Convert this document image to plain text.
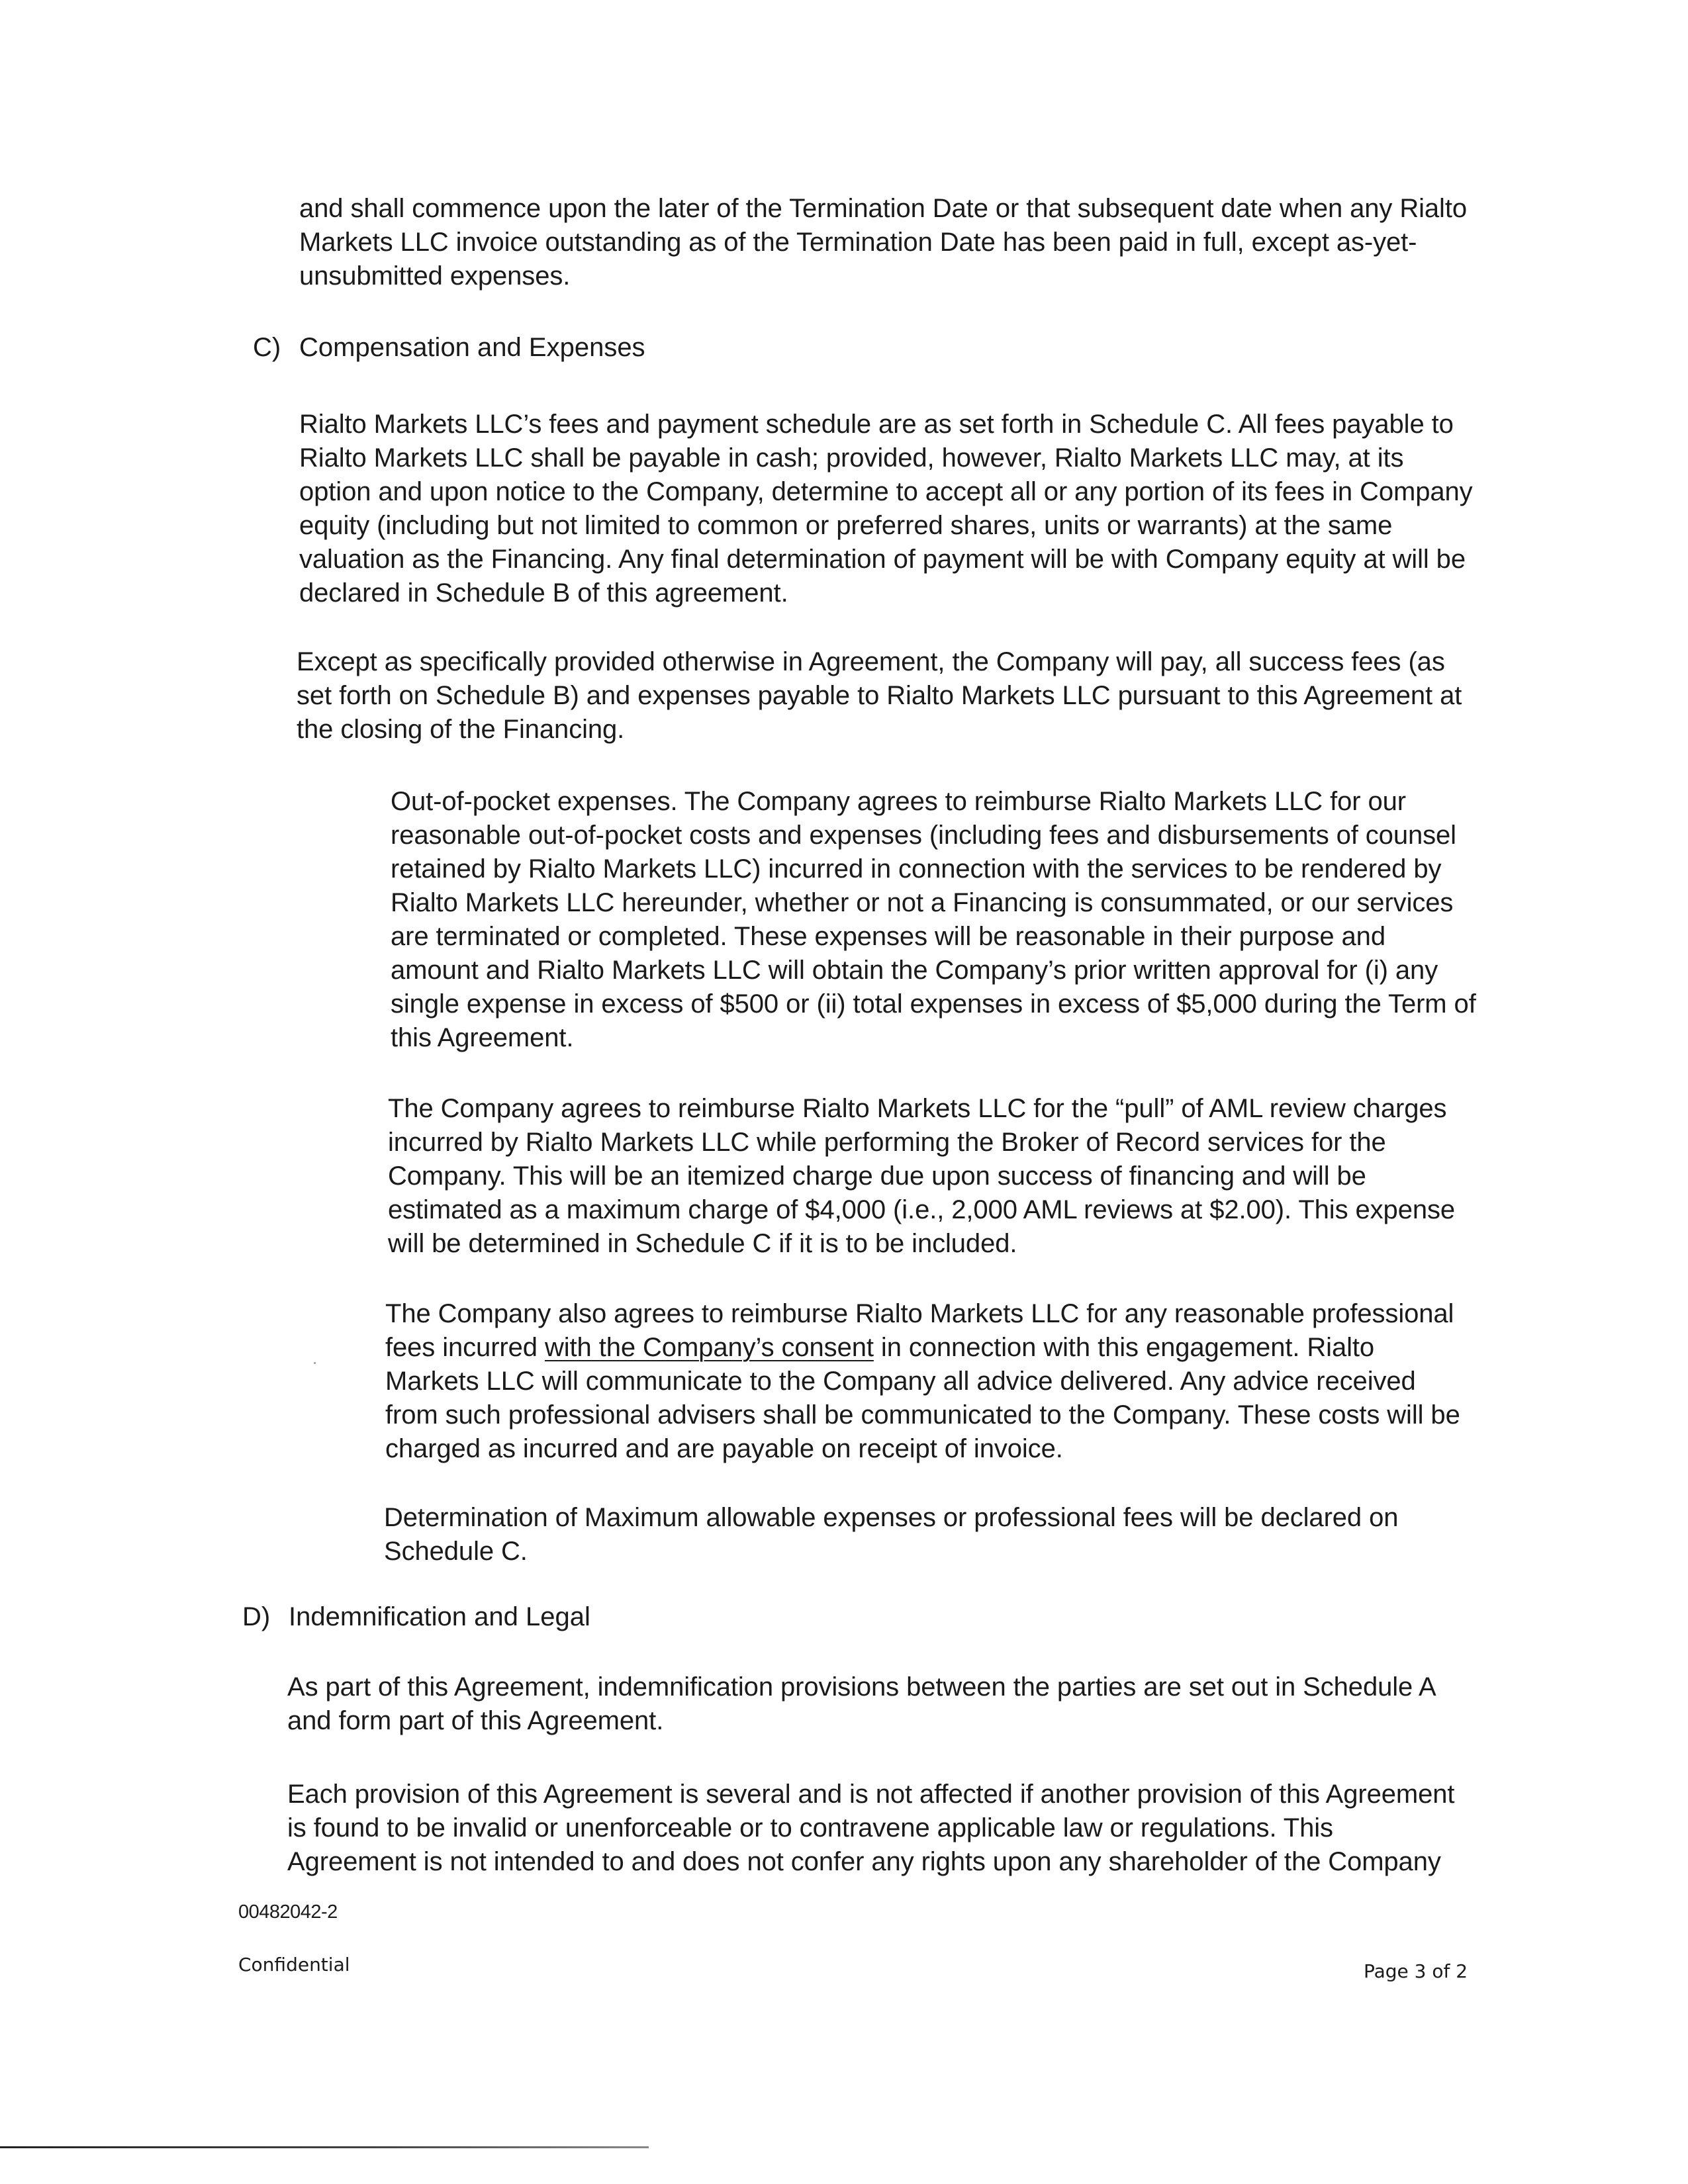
and shall commence upon the later of the Termination Date or that subsequent date when any Rialto
Markets LLC invoice outstanding as of the Termination Date has been paid in full, except as-yet-
unsubmitted expenses.
C) Compensation and Expenses
Rialto Markets LLC’s fees and payment schedule are as set forth in Schedule C. All fees payable to
Rialto Markets LLC shall be payable in cash; provided, however, Rialto Markets LLC may, at its
option and upon notice to the Company, determine to accept all or any portion of its fees in Company
equity (including but not limited to common or preferred shares, units or warrants) at the same
valuation as the Financing. Any final determination of payment will be with Company equity at will be
declared in Schedule B of this agreement.
Except as specifically provided otherwise in Agreement, the Company will pay, all success fees (as
set forth on Schedule B) and expenses payable to Rialto Markets LLC pursuant to this Agreement at
the closing of the Financing.
Out-of-pocket expenses. The Company agrees to reimburse Rialto Markets LLC for our
reasonable out-of-pocket costs and expenses (including fees and disbursements of counsel
retained by Rialto Markets LLC) incurred in connection with the services to be rendered by
Rialto Markets LLC hereunder, whether or not a Financing is consummated, or our services
are terminated or completed. These expenses will be reasonable in their purpose and
amount and Rialto Markets LLC will obtain the Company’s prior written approval for (i) any
single expense in excess of $500 or (ii) total expenses in excess of $5,000 during the Term of
this Agreement.
The Company agrees to reimburse Rialto Markets LLC for the “pull” of AML review charges
incurred by Rialto Markets LLC while performing the Broker of Record services for the
Company. This will be an itemized charge due upon success of financing and will be
estimated as a maximum charge of $4,000 (i.e., 2,000 AML reviews at $2.00). This expense
will be determined in Schedule C if it is to be included.
The Company also agrees to reimburse Rialto Markets LLC for any reasonable professional
fees incurred with the Company’s consent in connection with this engagement. Rialto
Markets LLC will communicate to the Company all advice delivered. Any advice received
from such professional advisers shall be communicated to the Company. These costs will be
charged as incurred and are payable on receipt of invoice.
Determination of Maximum allowable expenses or professional fees will be declared on
Schedule C.
D) Indemnification and Legal
As part of this Agreement, indemnification provisions between the parties are set out in Schedule A
and form part of this Agreement.
Each provision of this Agreement is several and is not affected if another provision of this Agreement
is found to be invalid or unenforceable or to contravene applicable law or regulations. This
Agreement is not intended to and does not confer any rights upon any shareholder of the Company
00482042-2
Confidential	Page 3 of 2
